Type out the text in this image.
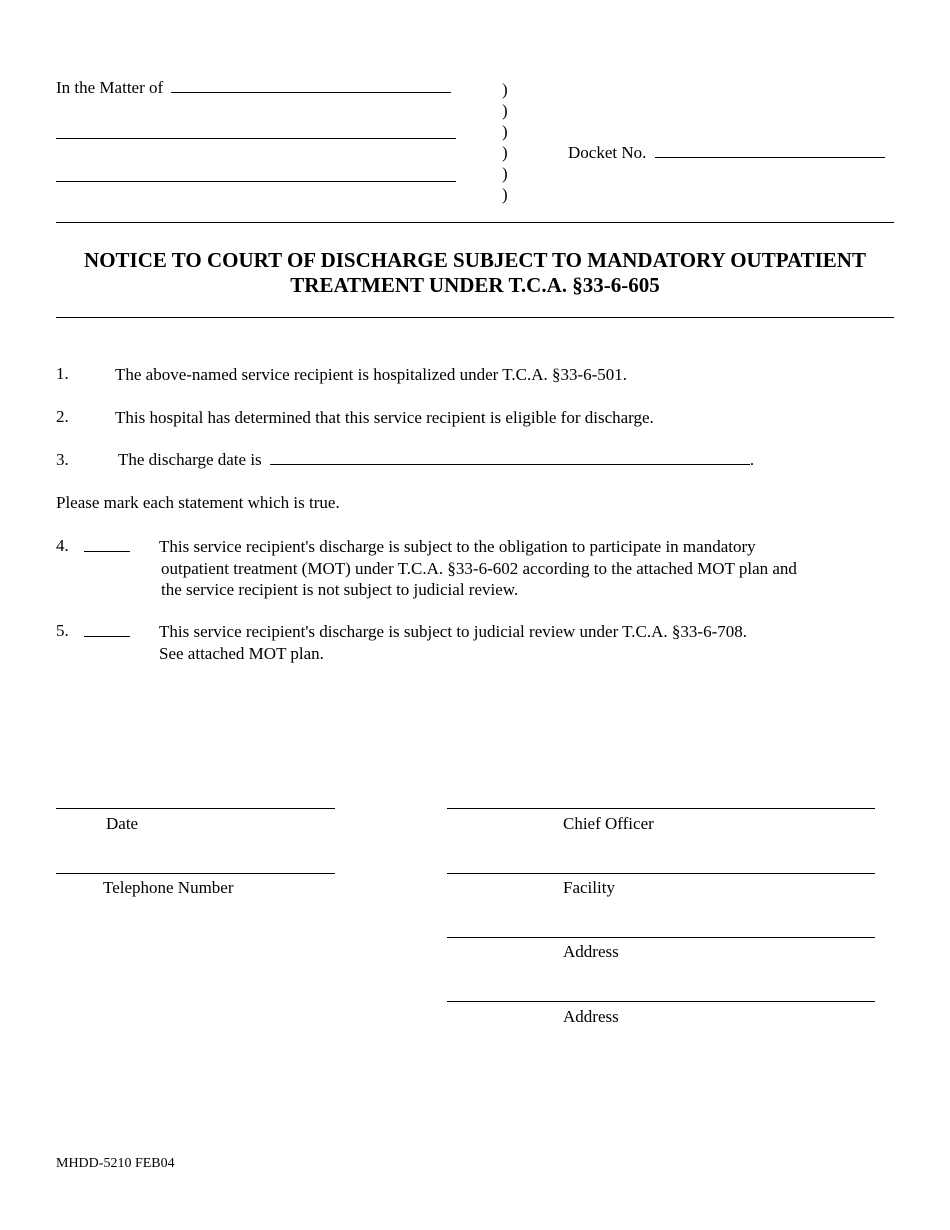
In the Matter of	)
)
)
)
)
)
Docket No.
NOTICE TO COURT OF DISCHARGE SUBJECT TO MANDATORY OUTPATIENT
TREATMENT UNDER T.C.A. §33-6-605
1.	The above-named service recipient is hospitalized under T.C.A. §33-6-501.
2.	This hospital has determined that this service recipient is eligible for discharge.
3.	The discharge date is	.
Please mark each statement which is true.
4.	This service recipient's discharge is subject to the obligation to participate in mandatory
outpatient treatment (MOT) under T.C.A. §33-6-602 according to the attached MOT plan and
the service recipient is not subject to judicial review.
5.	This service recipient's discharge is subject to judicial review under T.C.A. §33-6-708.
See attached MOT plan.
Date	Chief Officer
Telephone Number	Facility
Address
Address
MHDD-5210 FEB04
